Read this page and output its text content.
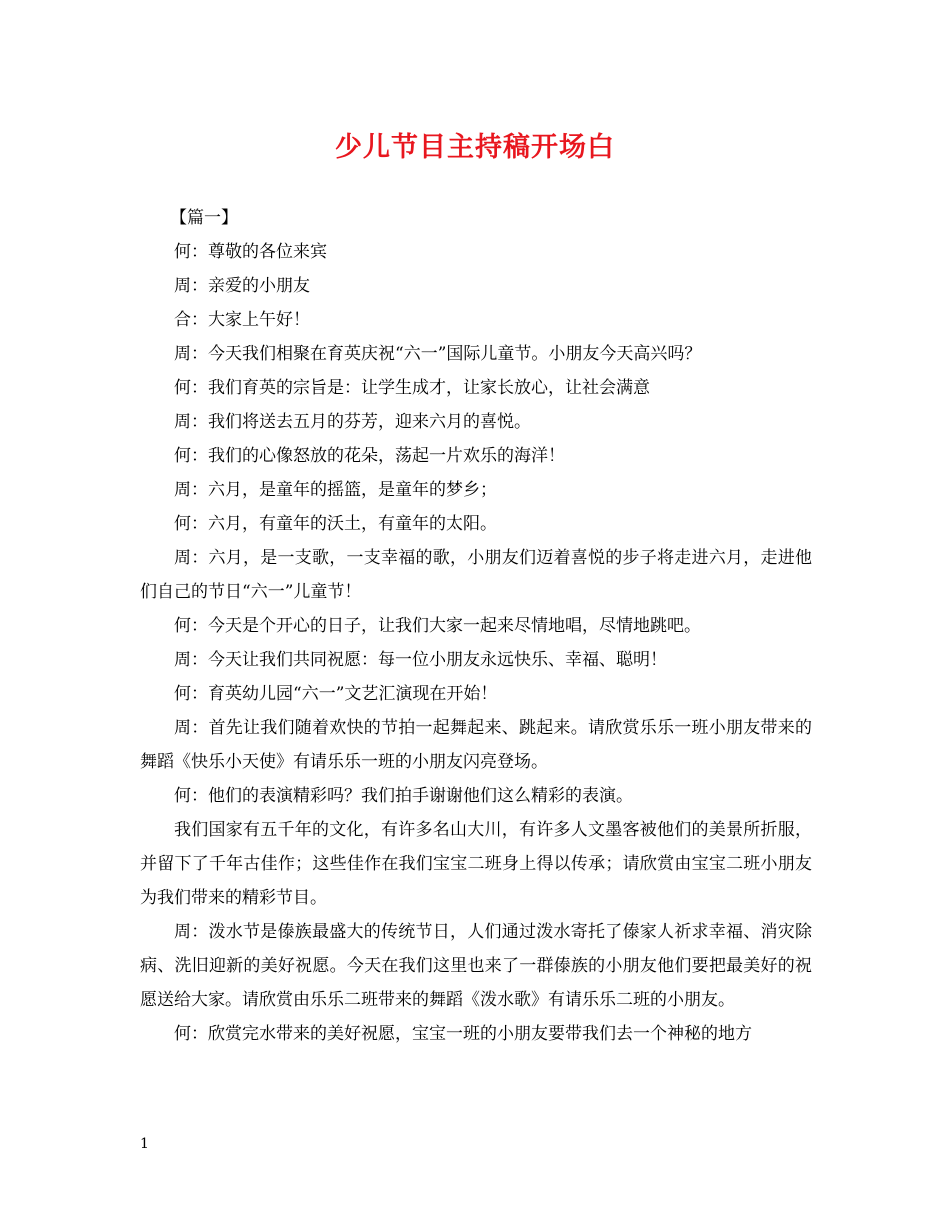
少儿节目主持稿开场白

【篇一】

何：尊敬的各位来宾

周：亲爱的小朋友

合：大家上午好！

周：今天我们相聚在育英庆祝“六一”国际儿童节。小朋友今天高兴吗？

何：我们育英的宗旨是：让学生成才，让家长放心，让社会满意

周：我们将送去五月的芬芳，迎来六月的喜悦。

何：我们的心像怒放的花朵，荡起一片欢乐的海洋！

周：六月，是童年的摇篮，是童年的梦乡；

何：六月，有童年的沃土，有童年的太阳。

周：六月，是一支歌，一支幸福的歌，小朋友们迈着喜悦的步子将走进六月，走进他们自己的节日“六一”儿童节！

何：今天是个开心的日子，让我们大家一起来尽情地唱，尽情地跳吧。

周：今天让我们共同祝愿：每一位小朋友永远快乐、幸福、聪明！

何：育英幼儿园“六一”文艺汇演现在开始！

周：首先让我们随着欢快的节拍一起舞起来、跳起来。请欣赏乐乐一班小朋友带来的舞蹈《快乐小天使》有请乐乐一班的小朋友闪亮登场。

何：他们的表演精彩吗？我们拍手谢谢他们这么精彩的表演。

我们国家有五千年的文化，有许多名山大川，有许多人文墨客被他们的美景所折服，并留下了千年古佳作；这些佳作在我们宝宝二班身上得以传承；请欣赏由宝宝二班小朋友为我们带来的精彩节目。

周：泼水节是傣族最盛大的传统节日，人们通过泼水寄托了傣家人祈求幸福、消灾除病、洗旧迎新的美好祝愿。今天在我们这里也来了一群傣族的小朋友他们要把最美好的祝愿送给大家。请欣赏由乐乐二班带来的舞蹈《泼水歌》有请乐乐二班的小朋友。

何：欣赏完水带来的美好祝愿，宝宝一班的小朋友要带我们去一个神秘的地方

1
